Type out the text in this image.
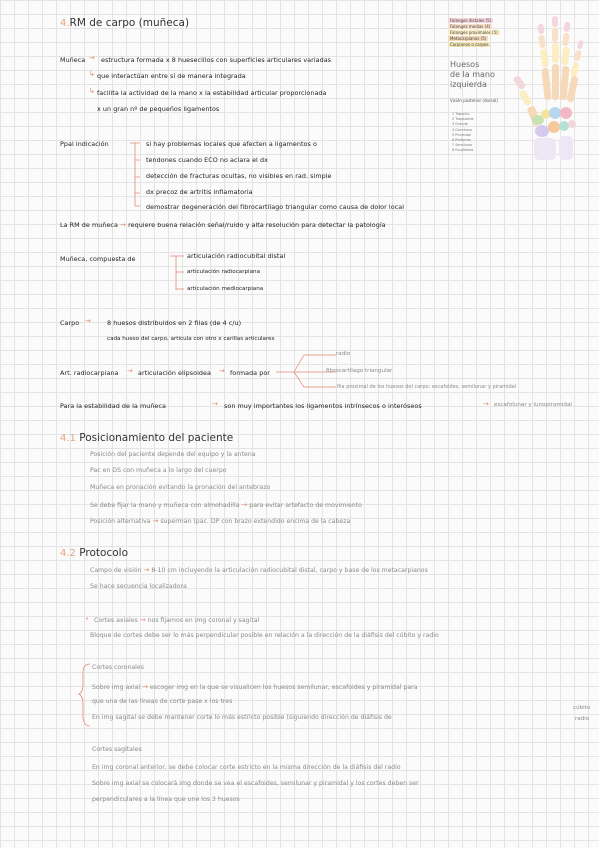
4.RM de carpo (muñeca)
Muñeca → estructura formada x 8 huesecillos con superficies articulares variadas
↳ que interactúan entre sí de manera integrada
↳ facilita la actividad de la mano x la estabilidad articular proporcionada
x un gran nº de pequeños ligamentos
Ppal indicación	si hay problemas locales que afecten a ligamentos o
tendones cuando ECO no aclara el dx
detección de fracturas ocultas, no visibles en rad. simple
dx precoz de artritis inflamatoria
demostrar degeneración del fibrocartílago triangular como causa de dolor local
La RM de muñeca → requiere buena relación señal/ruido y alta resolución para detectar la patología
Muñeca, compuesta de	articulación radiocubital distal
articulación radiocarpiana
articulación mediocarpiana
Carpo →	8 huesos distribuidos en 2 filas (de 4 c/u)
cada hueso del carpo, articula con otro x carillas articulares
Art. radiocarpiana → articulación elipsoidea → formada por
radio
fibrocartílago triangular
fila proximal de los huesos del carpo: escafoides, semilunar y piramidal
Para la estabilidad de la muñeca	→ son muy importantes los ligamentos intrínsecos o interóseos	→ escafolunar y lunopiramidal
4.1 Posicionamiento del paciente
Posición del paciente depende del equipo y la antena
Pac en DS con muñeca a lo largo del cuerpo
Muñeca en pronación evitando la pronación del antebrazo
Se debe fijar la mano y muñeca con almohadilla → para evitar artefacto de movimiento
Posición alternativa → superman (pac. DP con brazo extendido encima de la cabeza
4.2 Protocolo
Campo de visión → 8-10 cm incluyendo la articulación radiocubital distal, carpo y base de los metacarpianos
Se hace secuencia localizadora
• Cortes axiales → nos fijamos en img coronal y sagital
Bloque de cortes debe ser lo más perpendicular posible en relación a la dirección de la diáfisis del cúbito y radio
Cortes coronales
Sobre img axial → escoger img en la que se visualicen los huesos semilunar, escafoides y piramidal para
que una de las líneas de corte pase x los tres
En img sagital se debe mantener corte lo más estricto posible (siguiendo dirección de diáfisis de
cúbito
radio
Cortes sagitales
En img coronal anterior, se debe colocar corte estricto en la misma dirección de la diáfisis del radio
Sobre img axial se colocará img donde se vea el escafoides, semilunar y piramidal y los cortes deben ser
perpendiculares a la línea que une los 3 huesos
Falanges distales (5)
Falanges medias (4)
Falanges proximales (5)
Metacarpianos (5)
Carpianos o carpos
Huesos
de la mano
izquierda
Visión posterior (dorsal)
1 Trapecio
2 Trapezoide
3 Grande
4 Ganchoso
5 Piramidal
6 Pisiforme
7 Semilunar
8 Escafoides
